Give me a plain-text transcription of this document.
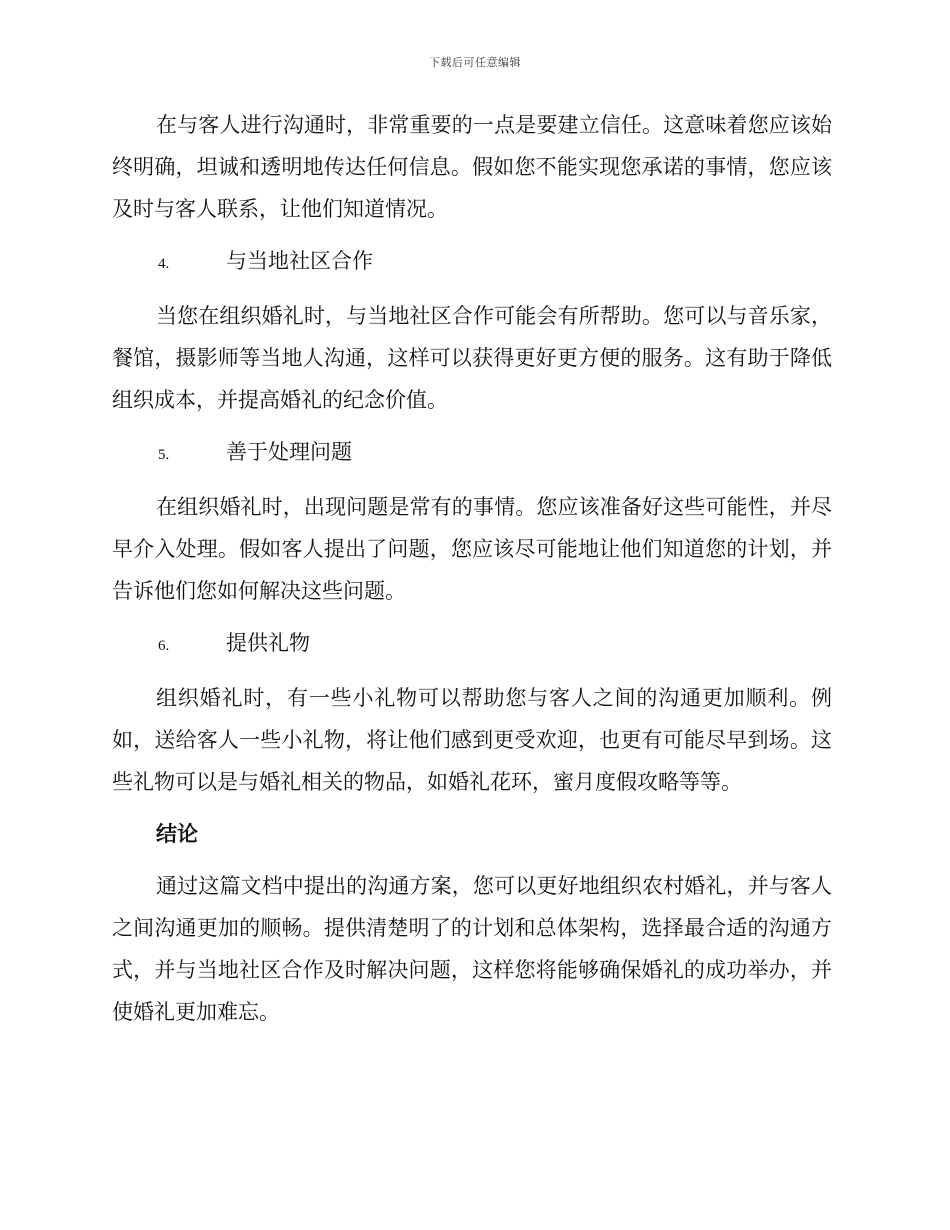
下载后可任意编辑

在与客人进行沟通时，非常重要的一点是要建立信任。这意味着您应该始终明确，坦诚和透明地传达任何信息。假如您不能实现您承诺的事情，您应该及时与客人联系，让他们知道情况。

4.	与当地社区合作

当您在组织婚礼时，与当地社区合作可能会有所帮助。您可以与音乐家，餐馆，摄影师等当地人沟通，这样可以获得更好更方便的服务。这有助于降低组织成本，并提高婚礼的纪念价值。

5.	善于处理问题

在组织婚礼时，出现问题是常有的事情。您应该准备好这些可能性，并尽早介入处理。假如客人提出了问题，您应该尽可能地让他们知道您的计划，并告诉他们您如何解决这些问题。

6.	提供礼物

组织婚礼时，有一些小礼物可以帮助您与客人之间的沟通更加顺利。例如，送给客人一些小礼物，将让他们感到更受欢迎，也更有可能尽早到场。这些礼物可以是与婚礼相关的物品，如婚礼花环，蜜月度假攻略等等。

结论

通过这篇文档中提出的沟通方案，您可以更好地组织农村婚礼，并与客人之间沟通更加的顺畅。提供清楚明了的计划和总体架构，选择最合适的沟通方式，并与当地社区合作及时解决问题，这样您将能够确保婚礼的成功举办，并使婚礼更加难忘。
